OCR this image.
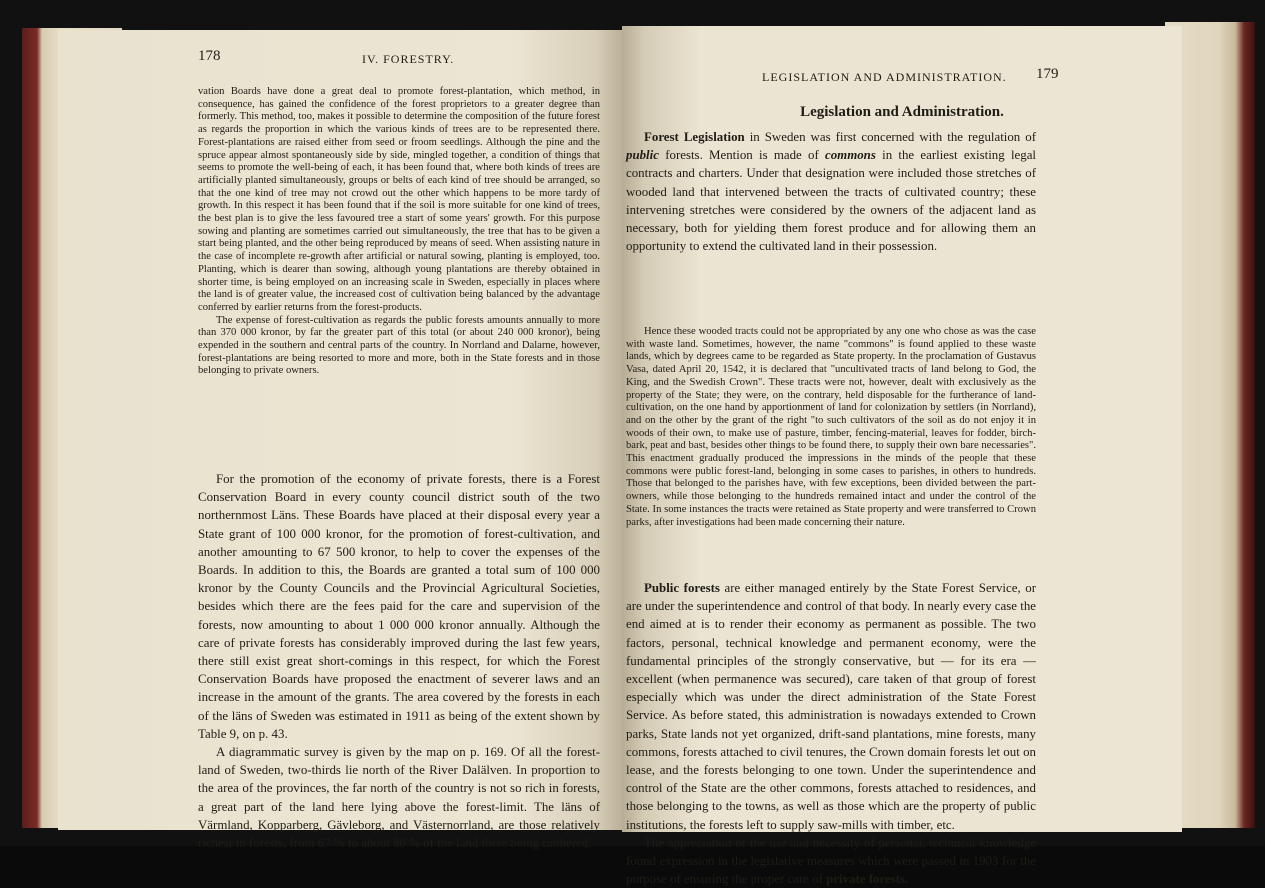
178	IV. FORESTRY.

vation Boards have done a great deal to promote forest-plantation, which method, in consequence, has gained the confidence of the forest proprietors to a greater degree than formerly. This method, too, makes it possible to determine the composition of the future forest as regards the proportion in which the various kinds of trees are to be represented there. Forest-plantations are raised either from seed or froom seedlings. Although the pine and the spruce appear almost spontaneously side by side, mingled together, a condition of things that seems to promote the well-being of each, it has been found that, where both kinds of trees are artificially planted simultaneously, groups or belts of each kind of tree should be arranged, so that the one kind of tree may not crowd out the other which happens to be more tardy of growth. In this respect it has been found that if the soil is more suitable for one kind of trees, the best plan is to give the less favoured tree a start of some years' growth. For this purpose sowing and planting are sometimes carried out simultaneously, the tree that has to be given a start being planted, and the other being reproduced by means of seed. When assisting nature in the case of incomplete re-growth after artificial or natural sowing, planting is employed, too. Planting, which is dearer than sowing, although young plantations are thereby obtained in shorter time, is being employed on an increasing scale in Sweden, especially in places where the land is of greater value, the increased cost of cultivation being balanced by the advantage conferred by earlier returns from the forest-products.

The expense of forest-cultivation as regards the public forests amounts annually to more than 370 000 kronor, by far the greater part of this total (or about 240 000 kronor), being expended in the southern and central parts of the country. In Norrland and Dalarne, however, forest-plantations are being resorted to more and more, both in the State forests and in those belonging to private owners.

For the promotion of the economy of private forests, there is a Forest Conservation Board in every county council district south of the two northernmost Läns. These Boards have placed at their disposal every year a State grant of 100 000 kronor, for the promotion of forest-cultivation, and another amounting to 67 500 kronor, to help to cover the expenses of the Boards. In addition to this, the Boards are granted a total sum of 100 000 kronor by the County Councils and the Provincial Agricultural Societies, besides which there are the fees paid for the care and supervision of the forests, now amounting to about 1 000 000 kronor annually. Although the care of private forests has considerably improved during the last few years, there still exist great short-comings in this respect, for which the Forest Conservation Boards have proposed the enactment of severer laws and an increase in the amount of the grants. The area covered by the forests in each of the läns of Sweden was estimated in 1911 as being of the extent shown by Table 9, on p. 43.

A diagrammatic survey is given by the map on p. 169. Of all the forest-land of Sweden, two-thirds lie north of the River Dalälven. In proportion to the area of the provinces, the far north of the country is not so rich in forests, a great part of the land here lying above the forest-limit. The läns of Värmland, Kopparberg, Gävleborg, and Västernorrland, are those relatively richest in forests, from 67 % to about 80 % of the land there being timbered.

LEGISLATION AND ADMINISTRATION. 179
Legislation and Administration.

Forest Legislation in Sweden was first concerned with the regulation of public forests. Mention is made of commons in the earliest existing legal contracts and charters. Under that designation were included those stretches of wooded land that intervened between the tracts of cultivated country; these intervening stretches were considered by the owners of the adjacent land as necessary, both for yielding them forest produce and for allowing them an opportunity to extend the cultivated land in their possession.

Hence these wooded tracts could not be appropriated by any one who chose as was the case with waste land. Sometimes, however, the name "commons" is found applied to these waste lands, which by degrees came to be regarded as State property. In the proclamation of Gustavus Vasa, dated April 20, 1542, it is declared that "uncultivated tracts of land belong to God, the King, and the Swedish Crown". These tracts were not, however, dealt with exclusively as the property of the State; they were, on the contrary, held disposable for the furtherance of land-cultivation, on the one hand by apportionment of land for colonization by settlers (in Norrland), and on the other by the grant of the right "to such cultivators of the soil as do not enjoy it in woods of their own, to make use of pasture, timber, fencing-material, leaves for fodder, birch-bark, peat and bast, besides other things to be found there, to supply their own bare necessaries". This enactment gradually produced the impressions in the minds of the people that these commons were public forest-land, belonging in some cases to parishes, in others to hundreds. Those that belonged to the parishes have, with few exceptions, been divided between the part-owners, while those belonging to the hundreds remained intact and under the control of the State. In some instances the tracts were retained as State property and were transferred to Crown parks, after investigations had been made concerning their nature.

Public forests are either managed entirely by the State Forest Service, or are under the superintendence and control of that body. In nearly every case the end aimed at is to render their economy as permanent as possible. The two factors, personal, technical knowledge and permanent economy, were the fundamental principles of the strongly conservative, but — for its era — excellent (when permanence was secured), care taken of that group of forest especially which was under the direct administration of the State Forest Service. As before stated, this administration is nowadays extended to Crown parks, State lands not yet organized, drift-sand plantations, mine forests, many commons, forests attached to civil tenures, the Crown domain forests let out on lease, and the forests belonging to one town. Under the superintendence and control of the State are the other commons, forests attached to residences, and those belonging to the towns, as well as those which are the property of public institutions, the forests left to supply saw-mills with timber, etc.

The appreciation of the use and necessity of personal, technical knowledge found expression in the legislative measures which were passed in 1903 for the purpose of ensuring the proper care of private forests.
